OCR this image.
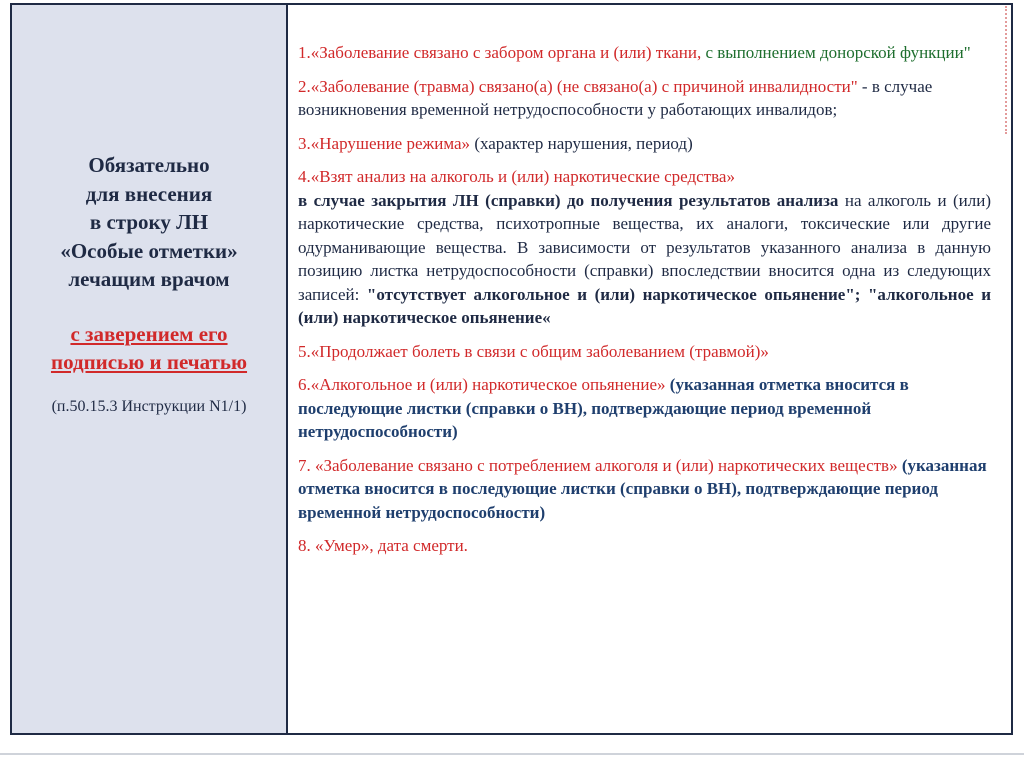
Обязательно
для внесения
в строку ЛН
«Особые отметки»
лечащим врачом
с заверением его
подписью и печатью
(п.50.15.3 Инструкции N1/1)
1.«Заболевание связано с забором органа и (или) ткани, с выполнением донорской функции"
2.«Заболевание (травма) связано(а) (не связано(а) с причиной инвалидности" - в случае возникновения временной нетрудоспособности у работающих инвалидов;
3.«Нарушение режима» (характер нарушения, период)
4.«Взят анализ на алкоголь и (или) наркотические средства»
в случае закрытия ЛН (справки) до получения результатов анализа на алкоголь и (или) наркотические средства, психотропные вещества, их аналоги, токсические или другие одурманивающие вещества. В зависимости от результатов указанного анализа в данную позицию листка нетрудоспособности (справки) впоследствии вносится одна из следующих записей: "отсутствует алкогольное и (или) наркотическое опьянение"; "алкогольное и (или) наркотическое опьянение«
5.«Продолжает болеть в связи с общим заболеванием (травмой)»
6.«Алкогольное и (или) наркотическое опьянение» (указанная отметка вносится в последующие листки (справки о ВН), подтверждающие период временной нетрудоспособности)
7. «Заболевание связано с потреблением алкоголя и (или) наркотических веществ» (указанная отметка вносится в последующие листки (справки о ВН), подтверждающие период временной нетрудоспособности)
8. «Умер», дата смерти.
